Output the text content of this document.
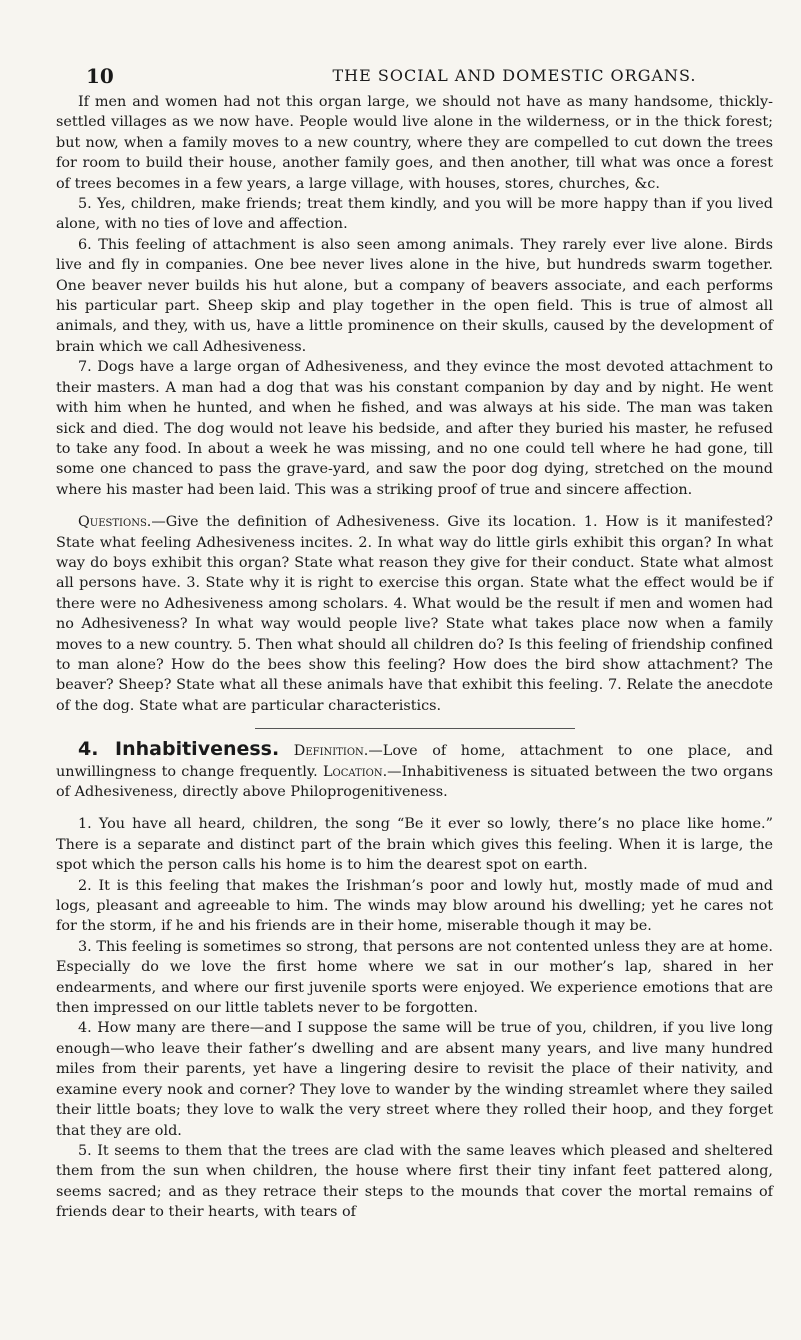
10	THE SOCIAL AND DOMESTIC ORGANS.

If men and women had not this organ large, we should not have as many handsome, thickly-settled villages as we now have. People would live alone in the wilderness, or in the thick forest; but now, when a family moves to a new country, where they are compelled to cut down the trees for room to build their house, another family goes, and then another, till what was once a forest of trees becomes in a few years, a large village, with houses, stores, churches, &c.

5. Yes, children, make friends; treat them kindly, and you will be more happy than if you lived alone, with no ties of love and affection.

6. This feeling of attachment is also seen among animals. They rarely ever live alone. Birds live and fly in companies. One bee never lives alone in the hive, but hundreds swarm together. One beaver never builds his hut alone, but a company of beavers associate, and each performs his particular part. Sheep skip and play together in the open field. This is true of almost all animals, and they, with us, have a little prominence on their skulls, caused by the development of brain which we call Adhesiveness.

7. Dogs have a large organ of Adhesiveness, and they evince the most devoted attachment to their masters. A man had a dog that was his constant companion by day and by night. He went with him when he hunted, and when he fished, and was always at his side. The man was taken sick and died. The dog would not leave his bedside, and after they buried his master, he refused to take any food. In about a week he was missing, and no one could tell where he had gone, till some one chanced to pass the grave-yard, and saw the poor dog dying, stretched on the mound where his master had been laid. This was a striking proof of true and sincere affection.

Questions.—Give the definition of Adhesiveness. Give its location. 1. How is it manifested? State what feeling Adhesiveness incites. 2. In what way do little girls exhibit this organ? In what way do boys exhibit this organ? State what reason they give for their conduct. State what almost all persons have. 3. State why it is right to exercise this organ. State what the effect would be if there were no Adhesiveness among scholars. 4. What would be the result if men and women had no Adhesiveness? In what way would people live? State what takes place now when a family moves to a new country. 5. Then what should all children do? Is this feeling of friendship confined to man alone? How do the bees show this feeling? How does the bird show attachment? The beaver? Sheep? State what all these animals have that exhibit this feeling. 7. Relate the anecdote of the dog. State what are particular characteristics.

4. Inhabitiveness. Definition.—Love of home, attachment to one place, and unwillingness to change frequently. Location.—Inhabitiveness is situated between the two organs of Adhesiveness, directly above Philoprogenitiveness.

1. You have all heard, children, the song “Be it ever so lowly, there’s no place like home.” There is a separate and distinct part of the brain which gives this feeling. When it is large, the spot which the person calls his home is to him the dearest spot on earth.

2. It is this feeling that makes the Irishman’s poor and lowly hut, mostly made of mud and logs, pleasant and agreeable to him. The winds may blow around his dwelling; yet he cares not for the storm, if he and his friends are in their home, miserable though it may be.

3. This feeling is sometimes so strong, that persons are not contented unless they are at home. Especially do we love the first home where we sat in our mother’s lap, shared in her endearments, and where our first juvenile sports were enjoyed. We experience emotions that are then impressed on our little tablets never to be forgotten.

4. How many are there—and I suppose the same will be true of you, children, if you live long enough—who leave their father’s dwelling and are absent many years, and live many hundred miles from their parents, yet have a lingering desire to revisit the place of their nativity, and examine every nook and corner? They love to wander by the winding streamlet where they sailed their little boats; they love to walk the very street where they rolled their hoop, and they forget that they are old.

5. It seems to them that the trees are clad with the same leaves which pleased and sheltered them from the sun when children, the house where first their tiny infant feet pattered along, seems sacred; and as they retrace their steps to the mounds that cover the mortal remains of friends dear to their hearts, with tears of
